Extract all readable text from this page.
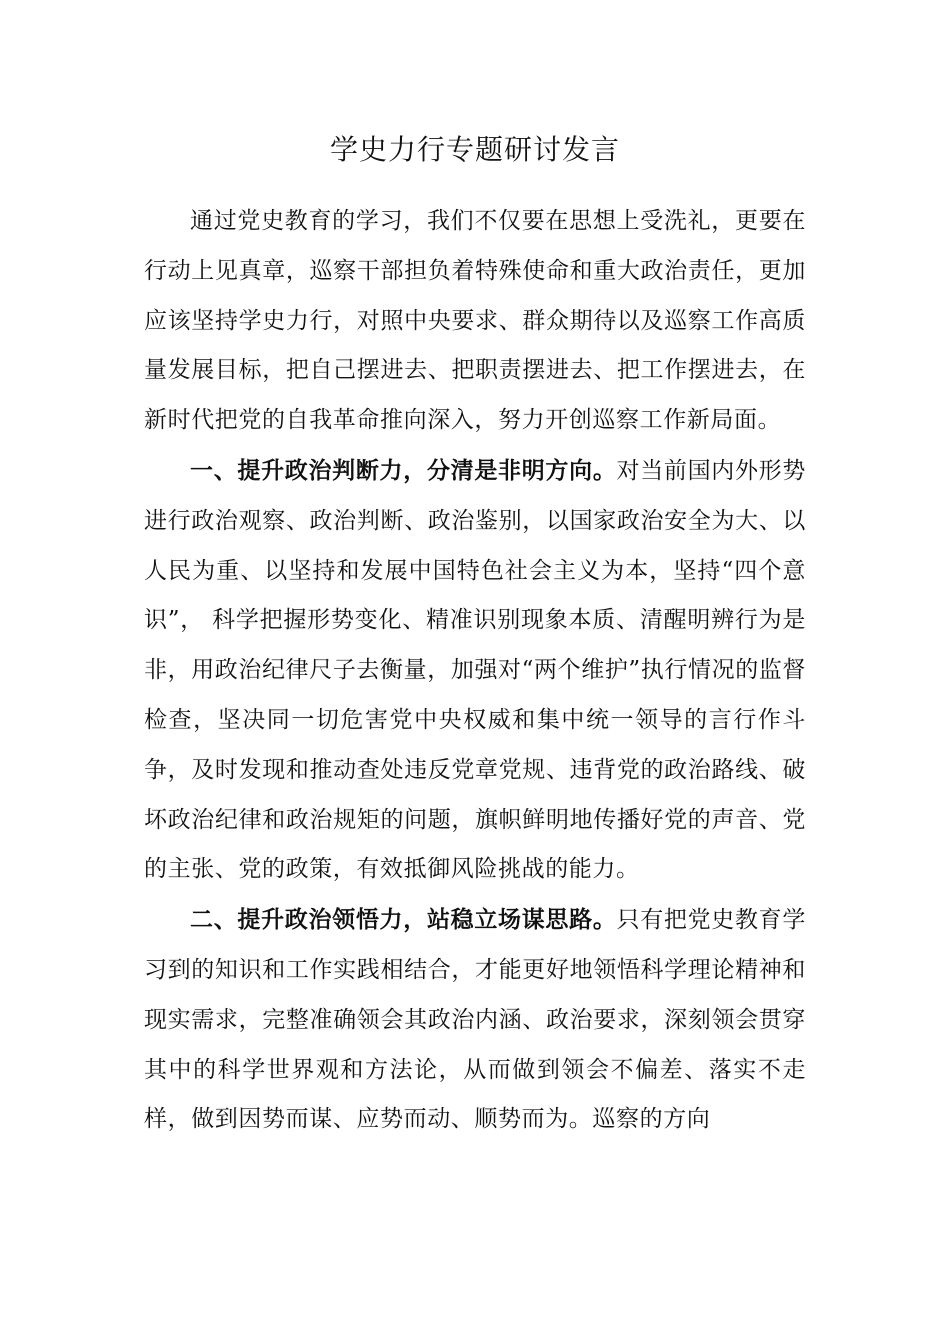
学史力行专题研讨发言

通过党史教育的学习，我们不仅要在思想上受洗礼，更要在行动上见真章，巡察干部担负着特殊使命和重大政治责任，更加应该坚持学史力行，对照中央要求、群众期待以及巡察工作高质量发展目标，把自己摆进去、把职责摆进去、把工作摆进去，在新时代把党的自我革命推向深入，努力开创巡察工作新局面。

一、提升政治判断力，分清是非明方向。对当前国内外形势进行政治观察、政治判断、政治鉴别，以国家政治安全为大、以人民为重、以坚持和发展中国特色社会主义为本，坚持“四个意识”， 科学把握形势变化、精准识别现象本质、清醒明辨行为是非，用政治纪律尺子去衡量，加强对“两个维护”执行情况的监督检查，坚决同一切危害党中央权威和集中统一领导的言行作斗争，及时发现和推动查处违反党章党规、违背党的政治路线、破坏政治纪律和政治规矩的问题，旗帜鲜明地传播好党的声音、党的主张、党的政策，有效抵御风险挑战的能力。

二、提升政治领悟力，站稳立场谋思路。只有把党史教育学习到的知识和工作实践相结合，才能更好地领悟科学理论精神和现实需求，完整准确领会其政治内涵、政治要求，深刻领会贯穿其中的科学世界观和方法论，从而做到领会不偏差、落实不走样，做到因势而谋、应势而动、顺势而为。巡察的方向
